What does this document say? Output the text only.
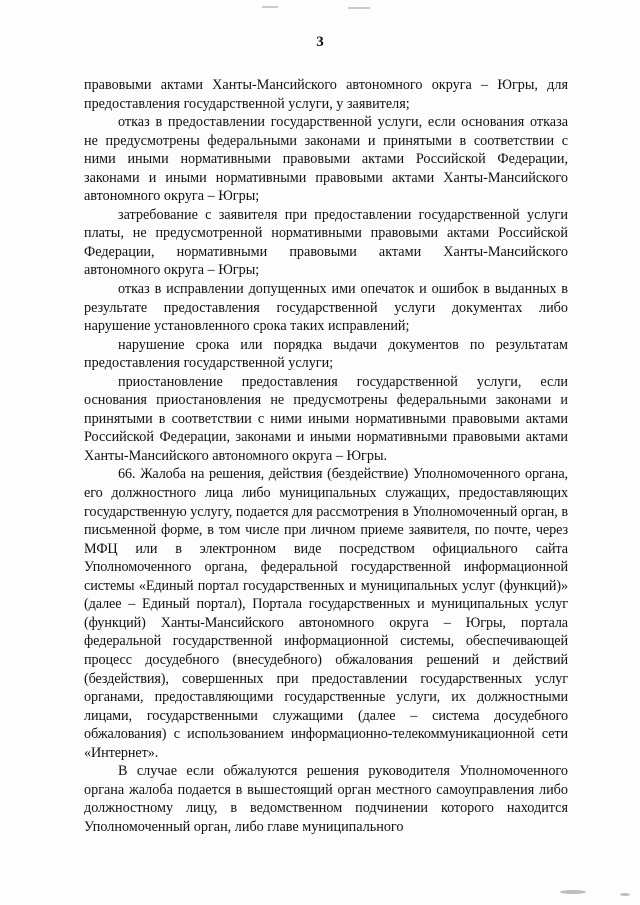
3

правовыми актами Ханты-Мансийского автономного округа – Югры, для предоставления государственной услуги, у заявителя;

отказ в предоставлении государственной услуги, если основания отказа не предусмотрены федеральными законами и принятыми в соответствии с ними иными нормативными правовыми актами Российской Федерации, законами и иными нормативными правовыми актами Ханты-Мансийского автономного округа – Югры;

затребование с заявителя при предоставлении государственной услуги платы, не предусмотренной нормативными правовыми актами Российской Федерации, нормативными правовыми актами Ханты-Мансийского автономного округа – Югры;

отказ в исправлении допущенных ими опечаток и ошибок в выданных в результате предоставления государственной услуги документах либо нарушение установленного срока таких исправлений;

нарушение срока или порядка выдачи документов по результатам предоставления государственной услуги;

приостановление предоставления государственной услуги, если основания приостановления не предусмотрены федеральными законами и принятыми в соответствии с ними иными нормативными правовыми актами Российской Федерации, законами и иными нормативными правовыми актами Ханты-Мансийского автономного округа – Югры.

66. Жалоба на решения, действия (бездействие) Уполномоченного органа, его должностного лица либо муниципальных служащих, предоставляющих государственную услугу, подается для рассмотрения в Уполномоченный орган, в письменной форме, в том числе при личном приеме заявителя, по почте, через МФЦ или в электронном виде посредством официального сайта Уполномоченного органа, федеральной государственной информационной системы «Единый портал государственных и муниципальных услуг (функций)» (далее – Единый портал), Портала государственных и муниципальных услуг (функций) Ханты-Мансийского автономного округа – Югры, портала федеральной государственной информационной системы, обеспечивающей процесс досудебного (внесудебного) обжалования решений и действий (бездействия), совершенных при предоставлении государственных услуг органами, предоставляющими государственные услуги, их должностными лицами, государственными служащими (далее – система досудебного обжалования) с использованием информационно-телекоммуникационной сети «Интернет».

В случае если обжалуются решения руководителя Уполномоченного органа жалоба подается в вышестоящий орган местного самоуправления либо должностному лицу, в ведомственном подчинении которого находится Уполномоченный орган, либо главе муниципального
